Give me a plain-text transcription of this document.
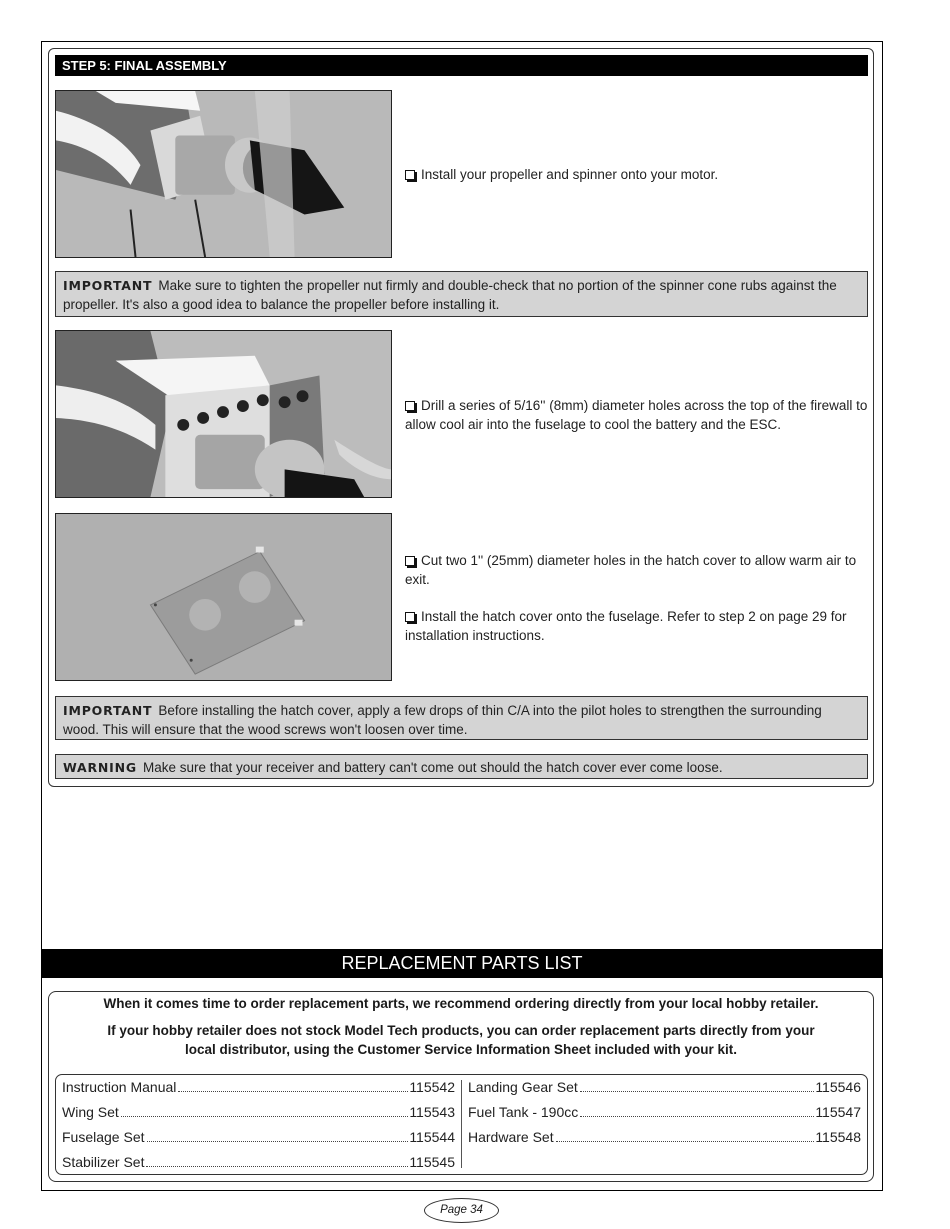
STEP 5: FINAL ASSEMBLY
Install your propeller and spinner onto your motor.
IMPORTANT Make sure to tighten the propeller nut firmly and double-check that no portion of the spinner cone rubs against the propeller. It's also a good idea to balance the propeller before installing it.
Drill a series of 5/16'' (8mm) diameter holes across the top of the firewall to allow cool air into the fuselage to cool the battery and the ESC.
Cut two 1'' (25mm) diameter holes in the hatch cover to allow warm air to exit.
Install the hatch cover onto the fuselage. Refer to step 2 on page 29 for installation instructions.
IMPORTANT Before installing the hatch cover, apply a few drops of thin C/A into the pilot holes to strengthen the surrounding wood. This will ensure that the wood screws won't loosen over time.
WARNING Make sure that your receiver and battery can't come out should the hatch cover ever come loose.
REPLACEMENT PARTS LIST
When it comes time to order replacement parts, we recommend ordering directly from your local hobby retailer.
If your hobby retailer does not stock Model Tech products, you can order replacement parts directly from your local distributor, using the Customer Service Information Sheet included with your kit.
Instruction Manual	115542
Wing Set	115543
Fuselage Set	115544
Stabilizer Set	115545
Landing Gear Set	115546
Fuel Tank - 190cc	115547
Hardware Set	115548
Page 34
